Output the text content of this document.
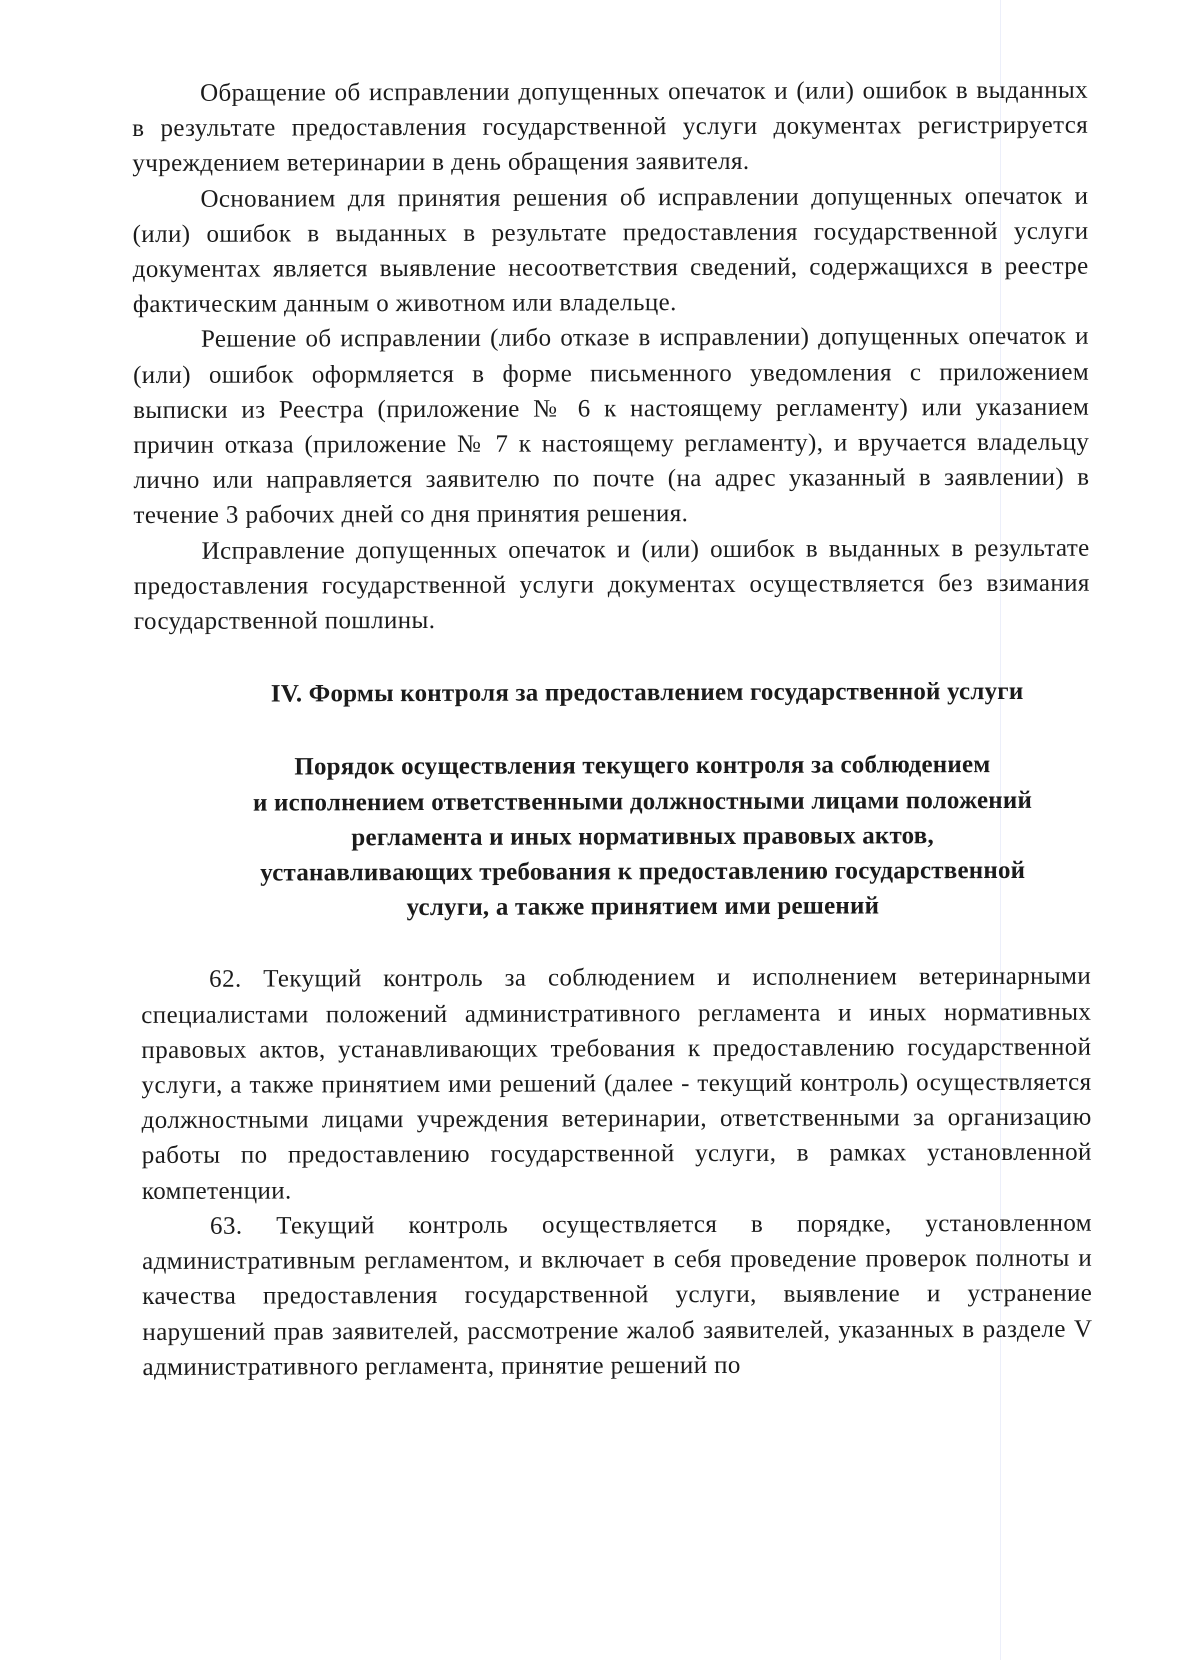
Обращение об исправлении допущенных опечаток и (или) ошибок в выданных в результате предоставления государственной услуги документах регистрируется учреждением ветеринарии в день обращения заявителя.

Основанием для принятия решения об исправлении допущенных опечаток и (или) ошибок в выданных в результате предоставления государственной услуги документах является выявление несоответствия сведений, содержащихся в реестре фактическим данным о животном или владельце.

Решение об исправлении (либо отказе в исправлении) допущенных опечаток и (или) ошибок оформляется в форме письменного уведомления с приложением выписки из Реестра (приложение № 6 к настоящему регламенту) или указанием причин отказа (приложение № 7 к настоящему регламенту), и вручается владельцу лично или направляется заявителю по почте (на адрес указанный в заявлении) в течение 3 рабочих дней со дня принятия решения.

Исправление допущенных опечаток и (или) ошибок в выданных в результате предоставления государственной услуги документах осуществляется без взимания государственной пошлины.

IV. Формы контроля за предоставлением государственной услуги

Порядок осуществления текущего контроля за соблюдением
и исполнением ответственными должностными лицами положений
регламента и иных нормативных правовых актов,
устанавливающих требования к предоставлению государственной
услуги, а также принятием ими решений

62. Текущий контроль за соблюдением и исполнением ветеринарными специалистами положений административного регламента и иных нормативных правовых актов, устанавливающих требования к предоставлению государственной услуги, а также принятием ими решений (далее - текущий контроль) осуществляется должностными лицами учреждения ветеринарии, ответственными за организацию работы по предоставлению государственной услуги, в рамках установленной компетенции.

63. Текущий контроль осуществляется в порядке, установленном административным регламентом, и включает в себя проведение проверок полноты и качества предоставления государственной услуги, выявление и устранение нарушений прав заявителей, рассмотрение жалоб заявителей, указанных в разделе V административного регламента, принятие решений по
